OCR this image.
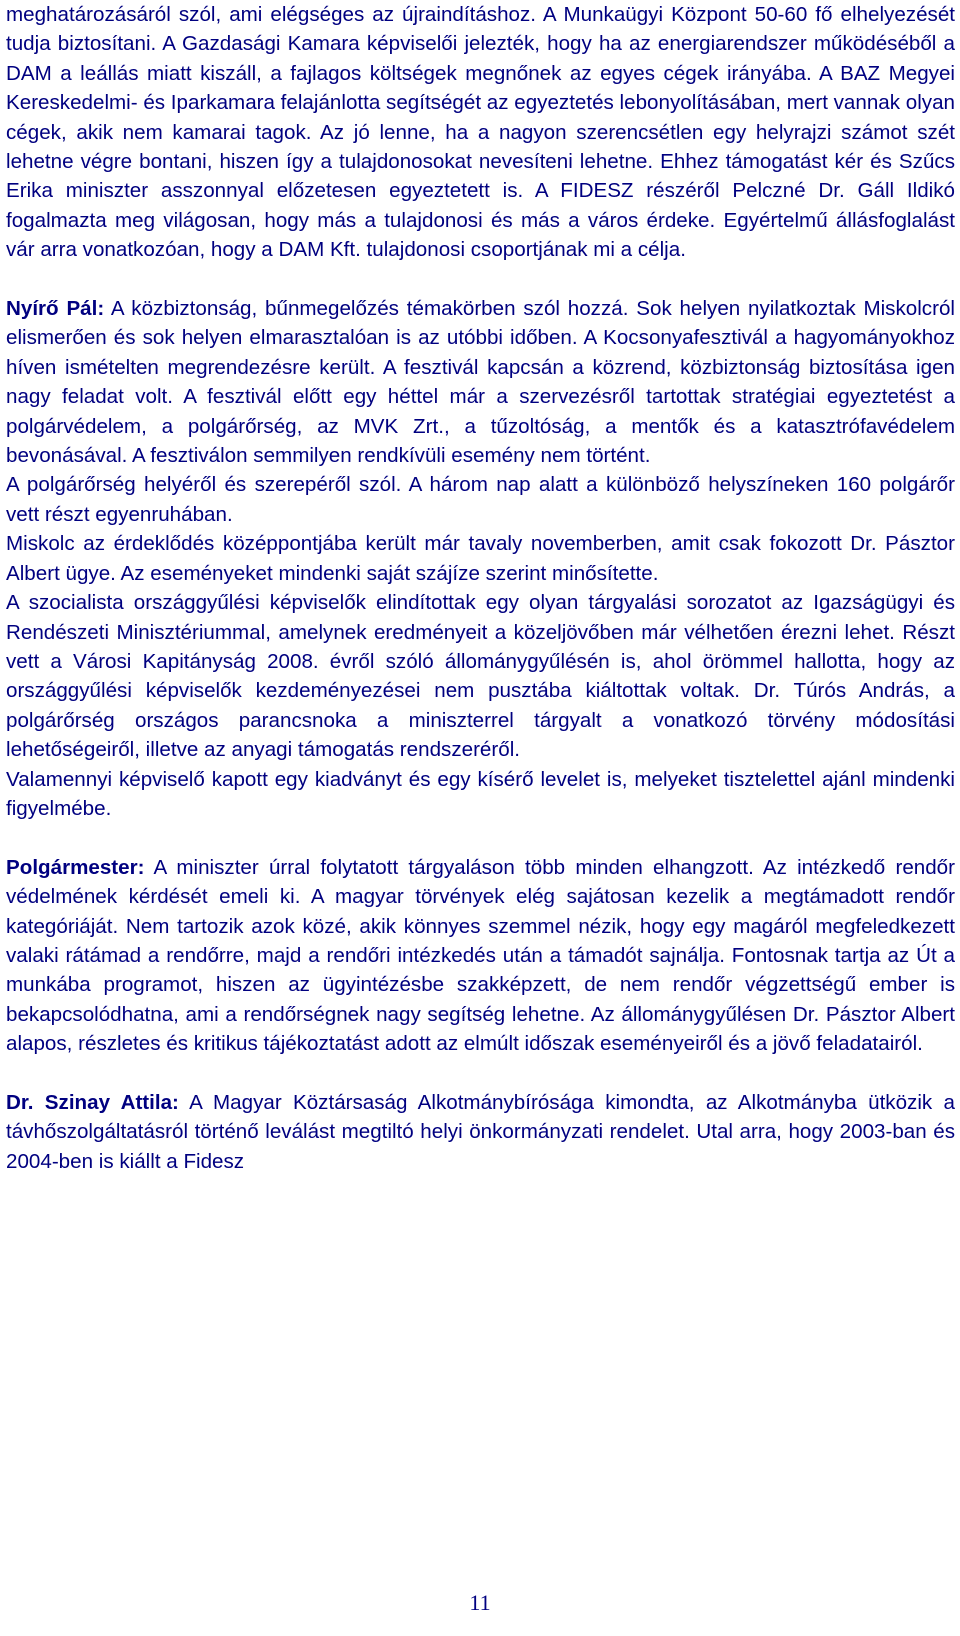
meghatározásáról szól, ami elégséges az újraindításhoz. A Munkaügyi Központ 50-60 fő elhelyezését tudja biztosítani. A Gazdasági Kamara képviselői jelezték, hogy ha az energiarendszer működéséből a DAM a leállás miatt kiszáll, a fajlagos költségek megnőnek az egyes cégek irányába. A BAZ Megyei Kereskedelmi- és Iparkamara felajánlotta segítségét az egyeztetés lebonyolításában, mert vannak olyan cégek, akik nem kamarai tagok. Az jó lenne, ha a nagyon szerencsétlen egy helyrajzi számot szét lehetne végre bontani, hiszen így a tulajdonosokat nevesíteni lehetne. Ehhez támogatást kér és Szűcs Erika miniszter asszonnyal előzetesen egyeztetett is. A FIDESZ részéről Pelczné Dr. Gáll Ildikó fogalmazta meg világosan, hogy más a tulajdonosi és más a város érdeke. Egyértelmű állásfoglalást vár arra vonatkozóan, hogy a DAM Kft. tulajdonosi csoportjának mi a célja.

Nyírő Pál: A közbiztonság, bűnmegelőzés témakörben szól hozzá. Sok helyen nyilatkoztak Miskolcról elismerően és sok helyen elmarasztalóan is az utóbbi időben. A Kocsonyafesztivál a hagyományokhoz híven ismételten megrendezésre került. A fesztivál kapcsán a közrend, közbiztonság biztosítása igen nagy feladat volt. A fesztivál előtt egy héttel már a szervezésről tartottak stratégiai egyeztetést a polgárvédelem, a polgárőrség, az MVK Zrt., a tűzoltóság, a mentők és a katasztrófavédelem bevonásával. A fesztiválon semmilyen rendkívüli esemény nem történt.

A polgárőrség helyéről és szerepéről szól. A három nap alatt a különböző helyszíneken 160 polgárőr vett részt egyenruhában.

Miskolc az érdeklődés középpontjába került már tavaly novemberben, amit csak fokozott Dr. Pásztor Albert ügye. Az eseményeket mindenki saját szájíze szerint minősítette.

A szocialista országgyűlési képviselők elindítottak egy olyan tárgyalási sorozatot az Igazságügyi és Rendészeti Minisztériummal, amelynek eredményeit a közeljövőben már vélhetően érezni lehet. Részt vett a Városi Kapitányság 2008. évről szóló állománygyűlésén is, ahol örömmel hallotta, hogy az országgyűlési képviselők kezdeményezései nem pusztába kiáltottak voltak. Dr. Túrós András, a polgárőrség országos parancsnoka a miniszterrel tárgyalt a vonatkozó törvény módosítási lehetőségeiről, illetve az anyagi támogatás rendszeréről.

Valamennyi képviselő kapott egy kiadványt és egy kísérő levelet is, melyeket tisztelettel ajánl mindenki figyelmébe.

Polgármester: A miniszter úrral folytatott tárgyaláson több minden elhangzott. Az intézkedő rendőr védelmének kérdését emeli ki. A magyar törvények elég sajátosan kezelik a megtámadott rendőr kategóriáját. Nem tartozik azok közé, akik könnyes szemmel nézik, hogy egy magáról megfeledkezett valaki rátámad a rendőrre, majd a rendőri intézkedés után a támadót sajnálja. Fontosnak tartja az Út a munkába programot, hiszen az ügyintézésbe szakképzett, de nem rendőr végzettségű ember is bekapcsolódhatna, ami a rendőrségnek nagy segítség lehetne. Az állománygyűlésen Dr. Pásztor Albert alapos, részletes és kritikus tájékoztatást adott az elmúlt időszak eseményeiről és a jövő feladatairól.

Dr. Szinay Attila: A Magyar Köztársaság Alkotmánybírósága kimondta, az Alkotmányba ütközik a távhőszolgáltatásról történő leválást megtiltó helyi önkormányzati rendelet. Utal arra, hogy 2003-ban és 2004-ben is kiállt a Fidesz

11
